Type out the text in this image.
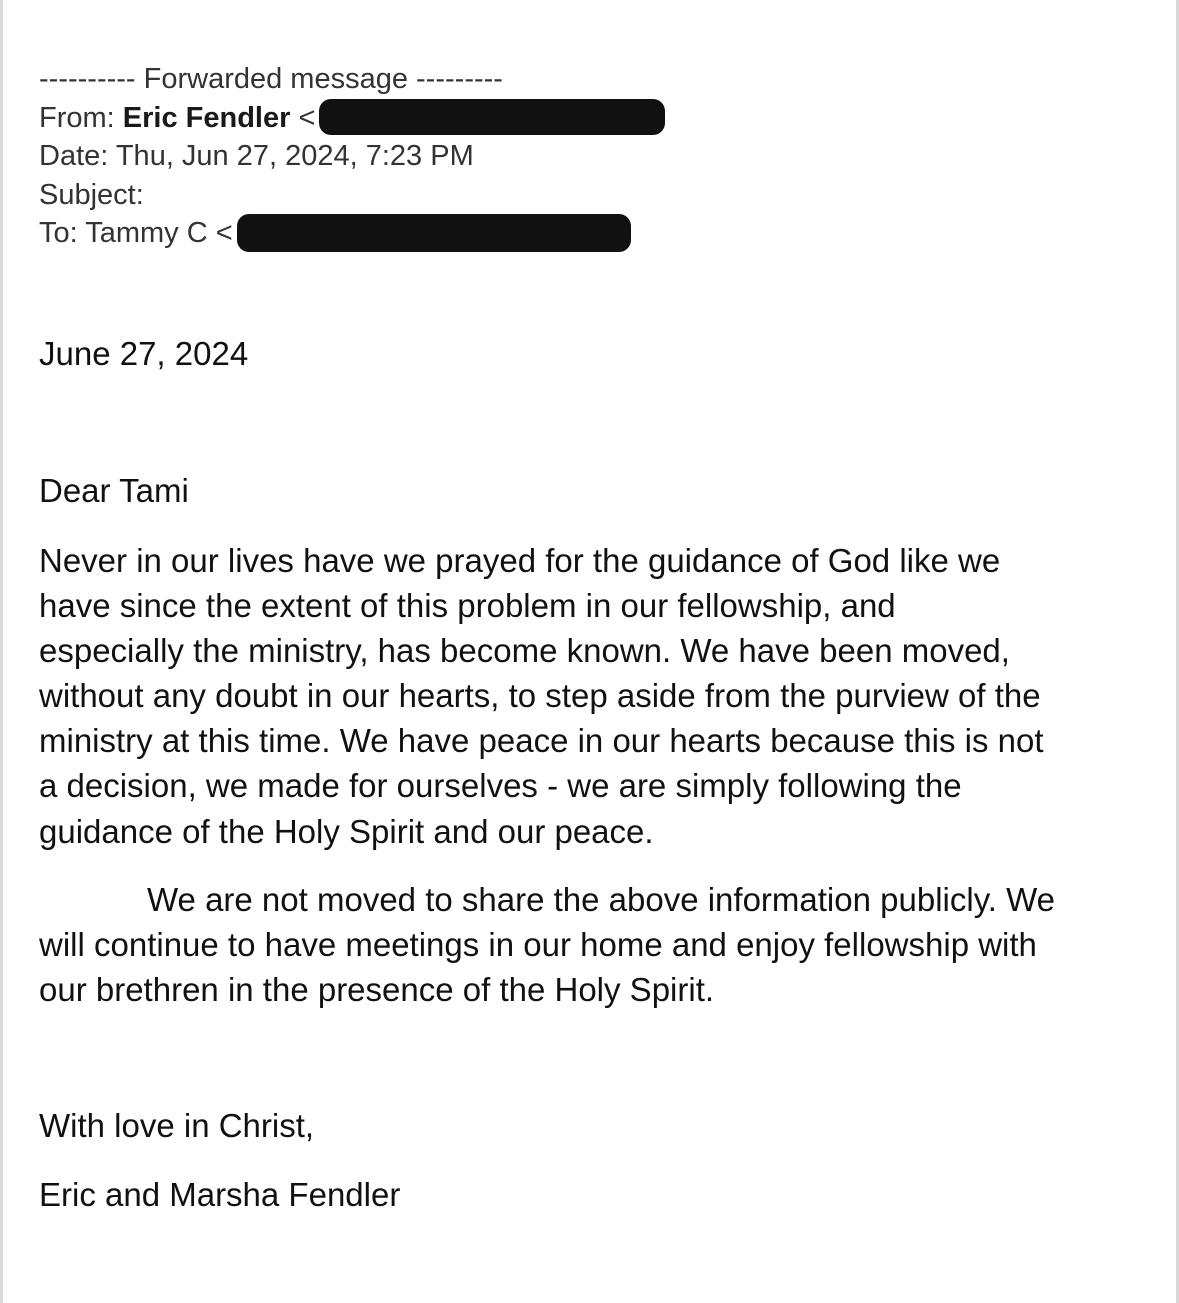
---------- Forwarded message ---------
From: Eric Fendler <
Date: Thu, Jun 27, 2024, 7:23 PM
Subject:
To: Tammy C <
June 27, 2024
Dear Tami
Never in our lives have we prayed for the guidance of God like we
have since the extent of this problem in our fellowship, and
especially the ministry, has become known. We have been moved,
without any doubt in our hearts, to step aside from the purview of the
ministry at this time. We have peace in our hearts because this is not
a decision, we made for ourselves - we are simply following the
guidance of the Holy Spirit and our peace.
We are not moved to share the above information publicly. We
will continue to have meetings in our home and enjoy fellowship with
our brethren in the presence of the Holy Spirit.
With love in Christ,
Eric and Marsha Fendler
